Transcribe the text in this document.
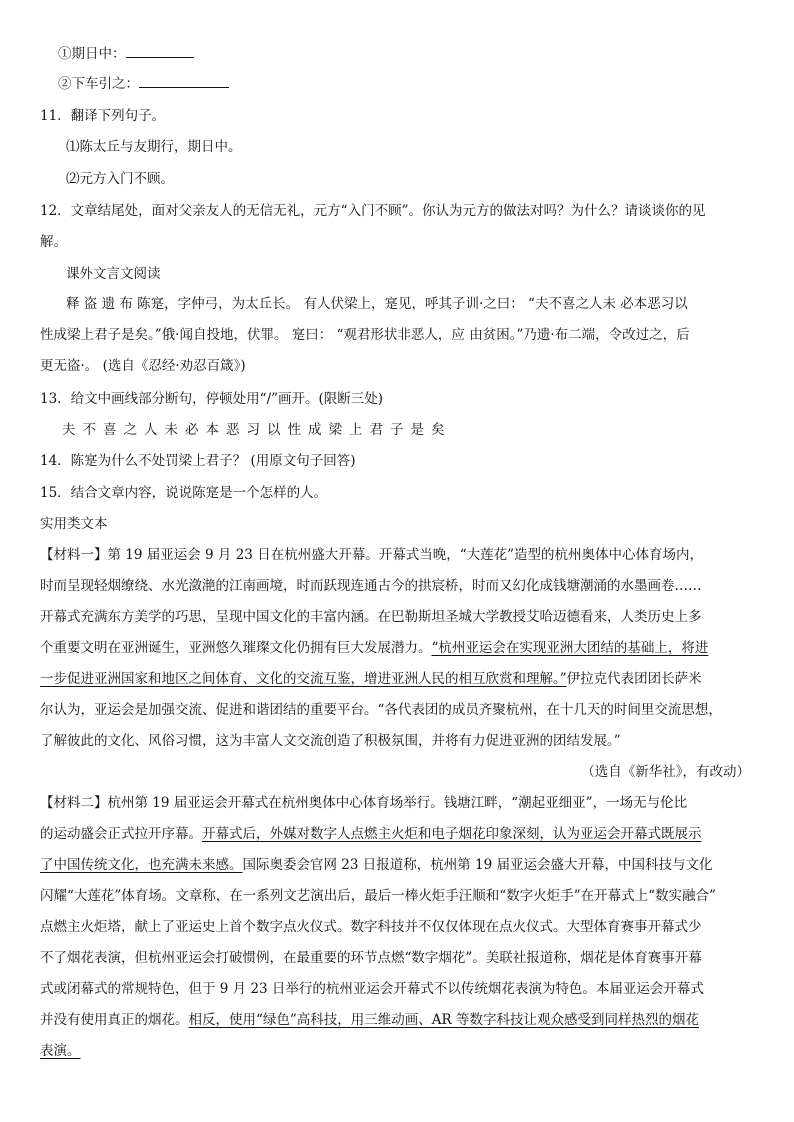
①期日中：
②下车引之：
11．翻译下列句子。
⑴陈太丘与友期行，期日中。
⑵元方入门不顾。
12．文章结尾处，面对父亲友人的无信无礼，元方“入门不顾”。你认为元方的做法对吗？为什么？请谈谈你的见
解。
课外文言文阅读
释 盗 遗 布 陈寔，字仲弓，为太丘长。 有人伏梁上，寔见，呼其子训·之曰： “夫不喜之人未 必本恶习以
性成梁上君子是矣。”俄·闻自投地，伏罪。 寔曰： “观君形状非恶人，应 由贫困。”乃遗·布二端，令改过之，后
更无盗·。 (选自《忍经·劝忍百箴》)
13．给文中画线部分断句，停顿处用“/”画开。(限断三处)
夫不喜之人未必本恶习以性成梁上君子是矣
14．陈寔为什么不处罚梁上君子？ (用原文句子回答)
15．结合文章内容，说说陈寔是一个怎样的人。
实用类文本
【材料一】第 19 届亚运会 9 月 23 日在杭州盛大开幕。开幕式当晚，“大莲花”造型的杭州奥体中心体育场内，
时而呈现轻烟缭绕、水光潋滟的江南画境，时而跃现连通古今的拱宸桥，时而又幻化成钱塘潮涌的水墨画卷……
开幕式充满东方美学的巧思，呈现中国文化的丰富内涵。在巴勒斯坦圣城大学教授艾哈迈德看来，人类历史上多
个重要文明在亚洲诞生，亚洲悠久璀璨文化仍拥有巨大发展潜力。“杭州亚运会在实现亚洲大团结的基础上，将进
一步促进亚洲国家和地区之间体育、文化的交流互鉴，增进亚洲人民的相互欣赏和理解。”伊拉克代表团团长萨米
尔认为，亚运会是加强交流、促进和谐团结的重要平台。“各代表团的成员齐聚杭州，在十几天的时间里交流思想，
了解彼此的文化、风俗习惯，这为丰富人文交流创造了积极氛围，并将有力促进亚洲的团结发展。”
（选自《新华社》，有改动）
【材料二】杭州第 19 届亚运会开幕式在杭州奥体中心体育场举行。钱塘江畔，“潮起亚细亚”，一场无与伦比
的运动盛会正式拉开序幕。开幕式后，外媒对数字人点燃主火炬和电子烟花印象深刻，认为亚运会开幕式既展示
了中国传统文化，也充满未来感。国际奥委会官网 23 日报道称，杭州第 19 届亚运会盛大开幕，中国科技与文化
闪耀“大莲花”体育场。文章称，在一系列文艺演出后，最后一棒火炬手汪顺和“数字火炬手”在开幕式上“数实融合”
点燃主火炬塔，献上了亚运史上首个数字点火仪式。数字科技并不仅仅体现在点火仪式。大型体育赛事开幕式少
不了烟花表演，但杭州亚运会打破惯例，在最重要的环节点燃“数字烟花”。美联社报道称，烟花是体育赛事开幕
式或闭幕式的常规特色，但于 9 月 23 日举行的杭州亚运会开幕式不以传统烟花表演为特色。本届亚运会开幕式
并没有使用真正的烟花。相反，使用“绿色”高科技，用三维动画、AR 等数字科技让观众感受到同样热烈的烟花
表演。
